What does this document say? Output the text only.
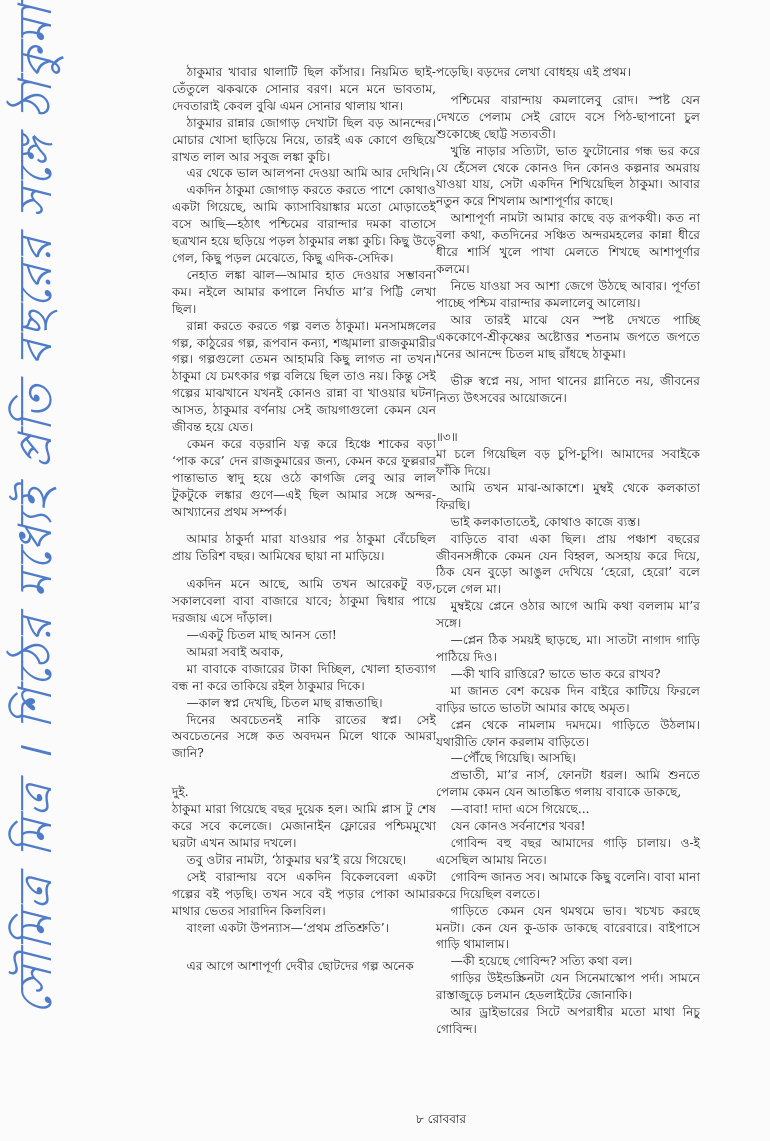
সৌমিত্র মিত্র । শিঠের মধ্যেই প্রতি বছরের সঙ্গে ঠাকুমা	ঠাকুমার খাবার থালাটি ছিল কাঁসার। নিয়মিত ছাই-তেঁতুলে ঝকঝকে সোনার বরণ। মনে মনে ভাবতাম, দেবতারাই কেবল বুঝি এমন সোনার থালায় খান।

ঠাকুমার রান্নার জোগাড় দেখাটা ছিল বড় আনন্দের। মোচার খোসা ছাড়িয়ে নিয়ে, তারই এক কোণে গুছিয়ে রাখত লাল আর সবুজ লঙ্কা কুচি।

এর থেকে ভাল আলপনা দেওয়া আমি আর দেখিনি।

একদিন ঠাকুমা জোগাড় করতে করতে পাশে কোথাও একটা গিয়েছে, আমি ক্যাসাবিয়াঙ্কার মতো মোড়াতেই বসে আছি—হঠাৎ পশ্চিমের বারান্দার দমকা বাতাসে ছত্রখান হয়ে ছড়িয়ে পড়ল ঠাকুমার লঙ্কা কুচি। কিছু উড়ে গেল, কিছু পড়ল মেঝেতে, কিছু এদিক-সেদিক।

নেহাত লঙ্কা ঝাল—আমার হাত দেওয়ার সম্ভাবনা কম। নইলে আমার কপালে নির্ঘাত মা’র পিট্টি লেখা ছিল।

রান্না করতে করতে গল্প বলত ঠাকুমা। মনসামঙ্গলের গল্প, কাঠুরের গল্প, রূপবান কন্যা, শঙ্খমালা রাজকুমারীর গল্প। গল্পগুলো তেমন আহামরি কিছু লাগত না তখন। ঠাকুমা যে চমৎকার গল্প বলিয়ে ছিল তাও নয়। কিন্তু সেই গল্পের মাঝখানে যখনই কোনও রান্না বা খাওয়ার ঘটনা আসত, ঠাকুমার বর্ণনায় সেই জায়গাগুলো কেমন যেন জীবন্ত হয়ে যেত।

কেমন করে বড়রানি যত্ন করে হিঞ্চে শাকের বড়া ‘পাক করে’ দেন রাজকুমারের জন্য, কেমন করে ফুল্লরার পান্তাভাত স্বাদু হয়ে ওঠে কাগজি লেবু আর লাল টুকটুকে লঙ্কার গুণে—এই ছিল আমার সঙ্গে অন্দর-আখ্যানের প্রথম সম্পর্ক।

আমার ঠাকুর্দা মারা যাওয়ার পর ঠাকুমা বেঁচেছিল প্রায় তিরিশ বছর। আমিষের ছায়া না মাড়িয়ে।

একদিন মনে আছে, আমি তখন আরেকটু বড়, সকালবেলা বাবা বাজারে যাবে; ঠাকুমা দ্বিধার পায়ে দরজায় এসে দাঁড়াল।

—একটু চিতল মাছ আনস তো!

আমরা সবাই অবাক,

মা বাবাকে বাজারের টাকা দিচ্ছিল, খোলা হাতব্যাগ বন্ধ না করে তাকিয়ে রইল ঠাকুমার দিকে।

—কাল স্বপ্ন দেখছি, চিতল মাছ রান্ধতাছি।

দিনের অবচেতনই নাকি রাতের স্বপ্ন। সেই অবচেতনের সঙ্গে কত অবদমন মিলে থাকে আমরা জানি?

দুই.

ঠাকুমা মারা গিয়েছে বছর দুয়েক হল। আমি প্লাস টু শেষ করে সবে কলেজে। মেজানাইন ফ্লোরের পশ্চিমমুখো ঘরটা এখন আমার দখলে।

তবু ওটার নামটা, ‘ঠাকুমার ঘর’ই রয়ে গিয়েছে।

সেই বারান্দায় বসে একদিন বিকেলবেলা একটা গল্পের বই পড়ছি। তখন সবে বই পড়ার পোকা আমার মাথার ভেতর সারাদিন কিলবিল।

বাংলা একটা উপন্যাস—‘প্রথম প্রতিশ্রুতি’।

এর আগে আশাপূর্ণা দেবীর ছোটদের গল্প অনেক

পড়েছি। বড়দের লেখা বোধহয় এই প্রথম।

পশ্চিমের বারান্দায় কমলালেবু রোদ। স্পষ্ট যেন দেখতে পেলাম সেই রোদে বসে পিঠ-ছাপানো চুল শুকোচ্ছে ছোট্ট সত্যবতী।

খুন্তি নাড়ার সত্যিটা, ভাত ফুটোনোর গন্ধ ভর করে যে হেঁসেল থেকে কোনও দিন কোনও কল্পনার অমরায় যাওয়া যায়, সেটা একদিন শিখিয়েছিল ঠাকুমা। আবার নতুন করে শিখলাম আশাপূর্ণার কাছে।

আশাপূর্ণা নামটা আমার কাছে বড় রূপকথী। কত না বলা কথা, কতদিনের সঞ্চিত অন্দরমহলের কান্না ধীরে ধীরে শার্সি খুলে পাখা মেলতে শিখছে আশাপূর্ণার কলমে।

নিভে যাওয়া সব আশা জেগে উঠছে আবার। পূর্ণতা পাচ্ছে পশ্চিম বারান্দার কমলালেবু আলোয়।

আর তারই মাঝে যেন স্পষ্ট দেখতে পাচ্ছি এককোণে-শ্রীকৃষ্ণের অষ্টোত্তর শতনাম জপতে জপতে মনের আনন্দে চিতল মাছ রাঁধছে ঠাকুমা।

ভীরু স্বপ্নে নয়, সাদা থানের গ্লানিতে নয়, জীবনের নিত্য উৎসবের আয়োজনে।

॥৩॥

মা চলে গিয়েছিল বড় চুপি-চুপি। আমাদের সবাইকে ফাঁকি দিয়ে।

আমি তখন মাঝ-আকাশে। মুম্বই থেকে কলকাতা ফিরছি।

ভাই কলকাতাতেই, কোথাও কাজে ব্যস্ত।

বাড়িতে বাবা একা ছিল। প্রায় পঞ্চাশ বছরের জীবনসঙ্গীকে কেমন যেন বিহ্বল, অসহায় করে দিয়ে, ঠিক যেন বুড়ো আঙুল দেখিয়ে ‘হেরো, হেরো’ বলে চলে গেল মা।

মুম্বইয়ে প্লেনে ওঠার আগে আমি কথা বললাম মা’র সঙ্গে।

—প্লেন ঠিক সময়ই ছাড়ছে, মা। সাতটা নাগাদ গাড়ি পাঠিয়ে দিও।

—কী খাবি রাত্তিরে? ভাতে ভাত করে রাখব?

মা জানত বেশ কয়েক দিন বাইরে কাটিয়ে ফিরলে বাড়ির ভাতে ভাতটা আমার কাছে অমৃত।

প্লেন থেকে নামলাম দমদমে। গাড়িতে উঠলাম। যথারীতি ফোন করলাম বাড়িতে।

—পৌঁছে গিয়েছি। আসছি।

প্রভাতী, মা’র নার্স, ফোনটা ধরল। আমি শুনতে পেলাম কেমন যেন আতঙ্কিত গলায় বাবাকে ডাকছে,

—বাবা! দাদা এসে গিয়েছে...

যেন কোনও সর্বনাশের খবর!

গোবিন্দ বহু বছর আমাদের গাড়ি চালায়। ও-ই এসেছিল আমায় নিতে।

গোবিন্দ জানত সব। আমাকে কিছু বলেনি। বাবা মানা করে দিয়েছিল বলতে।

গাড়িতে কেমন যেন থমথমে ভাব। খচখচ করছে মনটা। কেন যেন কু-ডাক ডাকছে বারেবারে। বাইপাসে গাড়ি থামালাম।

—কী হয়েছে গোবিন্দ? সত্যি কথা বল।

গাড়ির উইন্ডস্ক্রিনটা যেন সিনেমাস্কোপ পর্দা। সামনে রাস্তাজুড়ে চলমান হেডলাইটের জোনাকি।

আর ড্রাইভারের সিটে অপরাধীর মতো মাথা নিচু গোবিন্দ।

৮ রোববার
